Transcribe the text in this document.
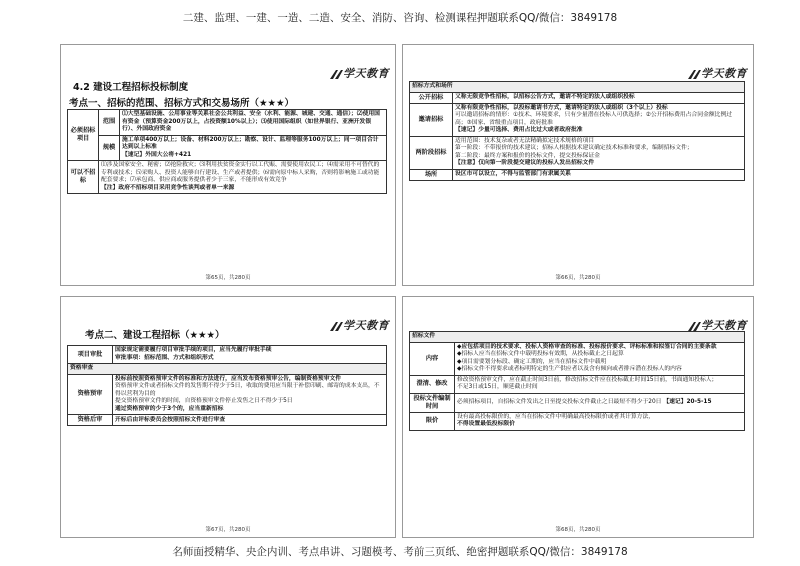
二建、监理、一建、一造、二造、安全、消防、咨询、检测课程押题联系QQ/微信：3849178
学天教育
4.2 建设工程招标投标制度
考点一、招标的范围、招标方式和交易场所（★★★）
必须招标项目	范围	⑴大型基础设施、公用事业等关系社会公共利益、安全（水利、能源、城建、交通、通信）；⑵使用国有资金（预算资金200万以上，占投资额10%以上）；⑶使用国际组织（如世界银行、亚洲开发银行）、外国政府资金
	规模	施工单项400万以上；设备、材料200万以上；勘察、设计、监理等服务100万以上；同一项目合计达到以上标准
【速记】外国大公将+421
可以不招标	⑴涉及国家安全、秘密；⑵抢险救灾；⑶利用扶贫资金实行以工代赈、需要使用农民工；⑷需采用不可替代的专利或技术；⑸采购人、投资人能够自行建设、生产或者提供；⑹需向原中标人采购，否则将影响施工或功能配套要求；⑺承包商、供应商或服务提供者少于三家，不能形成有效竞争
【注】政府不招标项目采用竞争性谈判或者单一来源	
第65页，共280页
学天教育
招标方式和场所	
公开招标	又称无限竞争性招标，以招标公告方式，邀请不特定的法人或组织投标
邀请招标	又称有限竞争性招标，以投标邀请书方式，邀请特定的法人或组织（3个以上）投标
可以邀请招标的情形：①技术、环境要求，只有少量潜在投标人可供选择；②公开招标费用占合同金额比例过高；③国家、省级重点项目，政府批准
【速记】少量可选择、费用占比过大或者政府批准
两阶段招标	适用范围：技术复杂或者无法精确拟定技术规格的项目
第一阶段：不带报价的技术建议；招标人根据技术建议确定技术标准和要求，编制招标文件；
第二阶段：最终方案和报价的投标文件，提交投标保证金
【注意】仅向第一阶段提交建议的投标人发出招标文件
场所	设区市可以设立，不得与监管部门有隶属关系
第66页，共280页
学天教育
考点二、建设工程招标（★★★）
项目审批	国家规定需要履行项目审批手续的项目，应当先履行审批手续
审批事项：招标范围、方式和组织形式
资格审查	
资格预审	投标前按照资格预审文件的标准和方法进行，应当发布资格预审公告，编制资格预审文件
资格预审文件或者招标文件的发售期不得少于5日，收取的费用应当限于补偿印刷、邮寄的成本支出，不得以营利为目的
提交资格预审文件的时间，自资格预审文件停止发售之日不得少于5日
通过资格预审的少于3个的，应当重新招标
资格后审	开标后由评标委员会按照招标文件进行审查
第67页，共280页
学天教育
招标文件	
内容	◆应包括项目的技术要求、投标人资格审查的标准、投标报价要求、评标标准和拟签订合同的主要条款
◆招标人应当在招标文件中载明投标有效期，从投标截止之日起算
◆项目需要划分标段、确定工期的，应当在招标文件中载明
◆招标文件不得要求或者标明特定的生产供应者以及含有倾向或者排斥潜在投标人的内容
澄清、修改	修改资格预审文件，应在截止时间3日前，修改招标文件应在投标截止时间15日前，书面通知投标人；
不足3日或15日，顺延截止时间
投标文件编制时间	必须招标项目，自招标文件发出之日至提交投标文件截止之日最短不得少于20日 【速记】20-5-15
限价	设有最高投标限价的，应当在招标文件中明确最高投标限价或者其计算方法，
不得设置最低投标限价
第68页，共280页
名师面授精华、央企内训、考点串讲、习题模考、考前三页纸、绝密押题联系QQ/微信：3849178
